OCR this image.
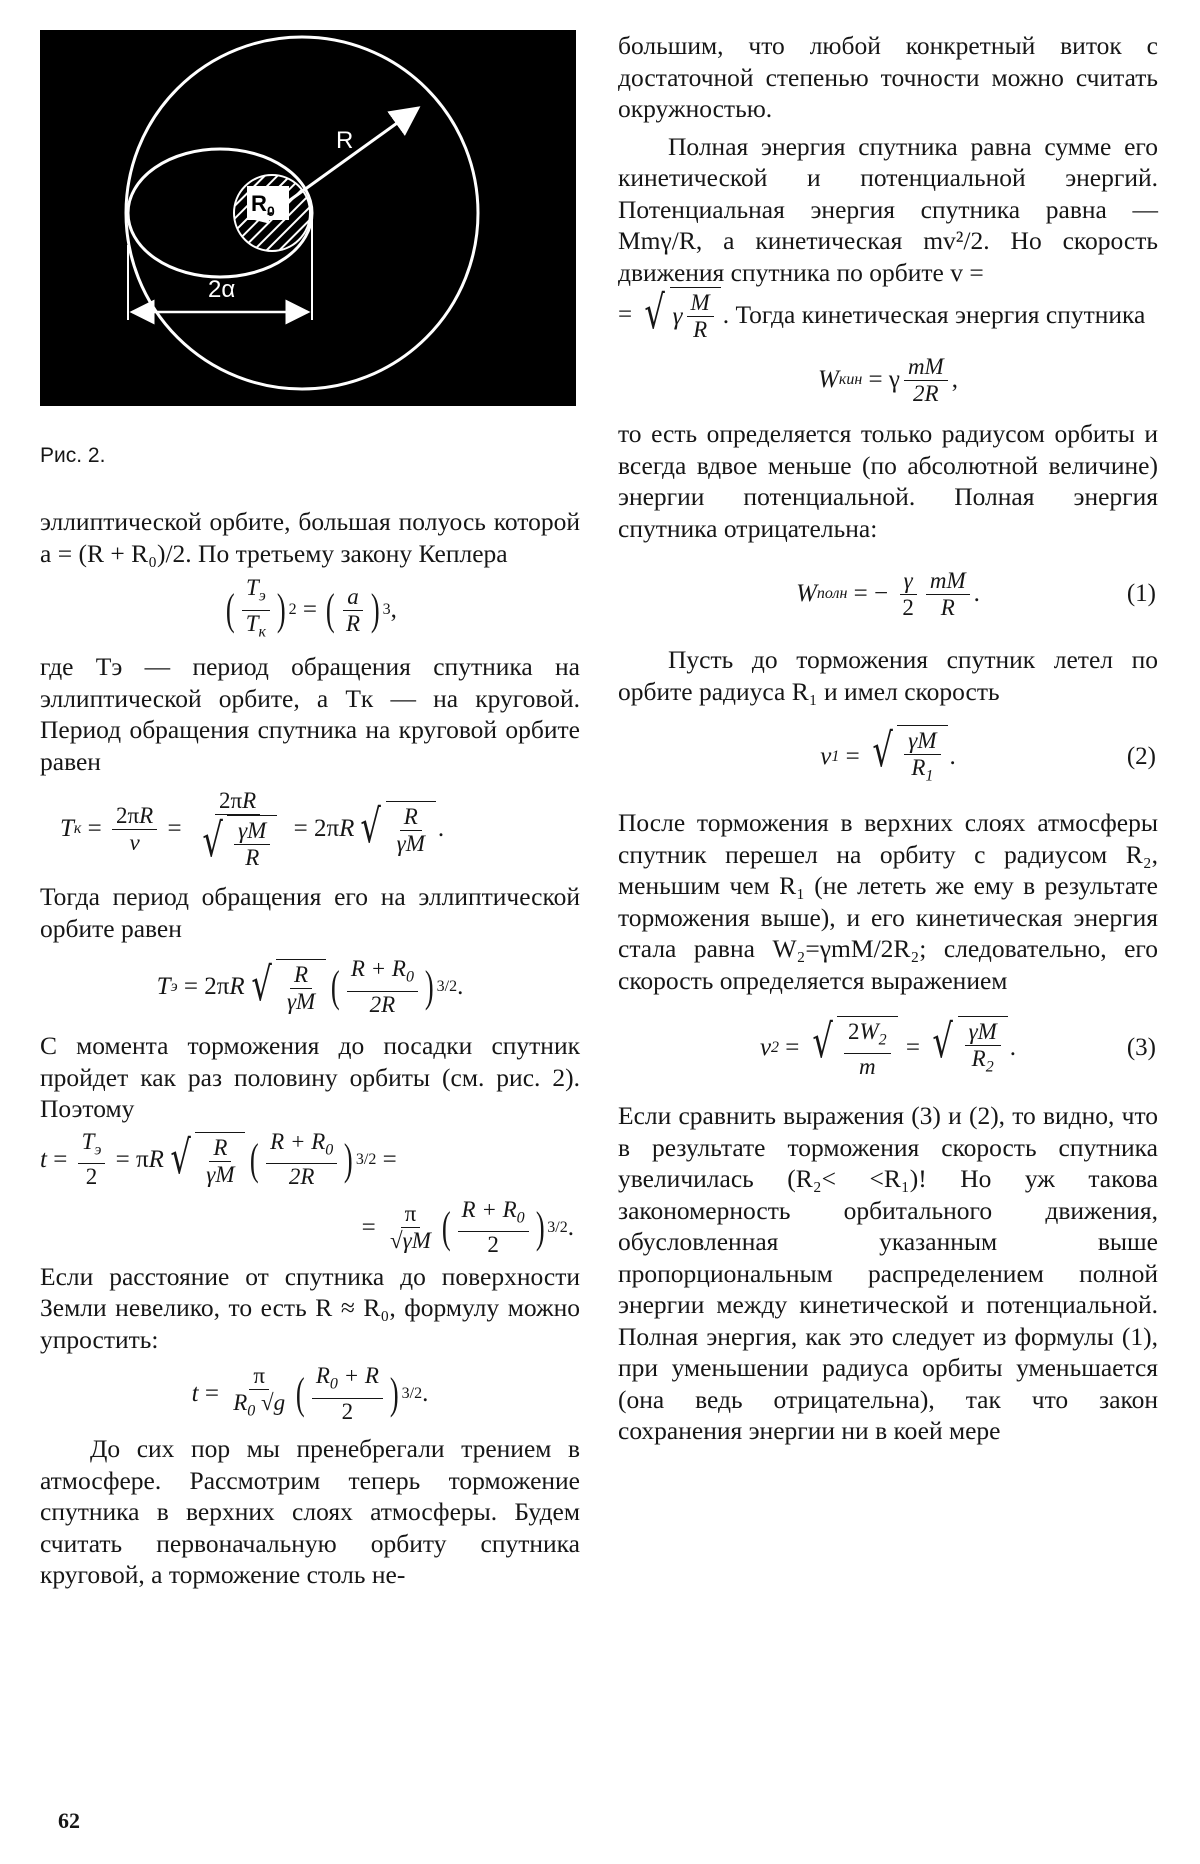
R
R 0
2α
Рис. 2.

эллиптической орбите, большая полуось которой a = (R + R₀)/2. По третьему закону Кеплера

( $\frac{T_э}{T_к}$ ) 2 = ( $\frac{a}{R}$ ) 3 ,

где Tэ — период обращения спутника на эллиптической орбите, а Tк — на круговой. Период обращения спутника на круговой орбите равен

T $к = \frac{2\pi R}{v} = \frac{2\pi R}{√ \frac{\gamma M}{R}} = 2\pi$ R √ $\frac{R}{\gamma M}$ .

Тогда период обращения его на эллиптической орбите равен

T э = 2π R √ $\frac{R}{\gamma M}$ ( $\frac{R + R_0}{2R}$ ) 3/2 .

С момента торможения до посадки спутник пройдет как раз половину орбиты (см. рис. 2). Поэтому

$t = \frac{T_э}{2} = \pi$ R √ $\frac{R}{\gamma M}$ ( $\frac{R + R_0}{2R}$ ) 3/2 =
= $\frac{\pi}{√\gamma M}$ ( $\frac{R + R_0}{2}$ ) 3/2 .

Если расстояние от спутника до поверхности Земли невелико, то есть R ≈ R₀, формулу можно упростить:

$t = \frac{\pi}{R_0 √g}$ ( $\frac{R_0 + R}{2}$ ) 3/2 .

До сих пор мы пренебрегали трением в атмосфере. Рассмотрим теперь торможение спутника в верхних слоях атмосферы. Будем считать первоначальную орбиту спутника круговой, а торможение столь не-

большим, что любой конкретный виток с достаточной степенью точности можно считать окружностью.

Полная энергия спутника равна сумме его кинетической и потенциальной энергий. Потенциальная энергия спутника равна —Mmγ/R, а кинетическая mv²/2. Но скорость движения спутника по орбите v =

= √ γ $\frac{M}{R}$ . Тогда кинетическая энергия спутника
W кин = γ $\frac{mM}{2R}$ ,

то есть определяется только радиусом орбиты и всегда вдвое меньше (по абсолютной величине) энергии потенциальной. Полная энергия спутника отрицательна:

W полн = − $\frac{\gamma}{2} \frac{mM}{R}$ .	(1)

Пусть до торможения спутник летел по орбите радиуса R₁ и имел скорость

v 1 = √ $\frac{\gamma M}{R_1}$ .	(2)

После торможения в верхних слоях атмосферы спутник перешел на орбиту с радиусом R₂, меньшим чем R₁ (не лететь же ему в результате торможения выше), и его кинетическая энергия стала равна W₂=γmM/2R₂; следовательно, его скорость определяется выражением

v 2 = √ $\frac{2W_2}{m}$ = √ $\frac{\gamma M}{R_2}$ .	(3)

Если сравнить выражения (3) и (2), то видно, что в результате торможения скорость спутника увеличилась (R₂< <R₁)! Но уж такова закономерность орбитального движения, обусловленная указанным выше пропорциональным распределением полной энергии между кинетической и потенциальной. Полная энергия, как это следует из формулы (1), при уменьшении радиуса орбиты уменьшается (она ведь отрицательна), так что закон сохранения энергии ни в коей мере

62
